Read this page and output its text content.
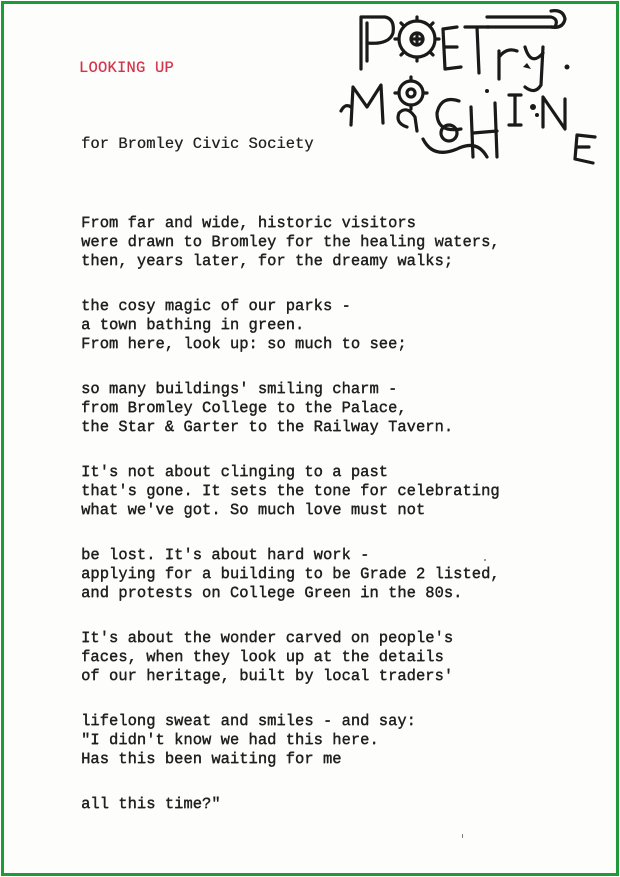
LOOKING UP
for Bromley Civic Society
From far and wide, historic visitors
were drawn to Bromley for the healing waters,
then, years later, for the dreamy walks;
the cosy magic of our parks -
a town bathing in green.
From here, look up: so much to see;
so many buildings' smiling charm -
from Bromley College to the Palace,
the Star & Garter to the Railway Tavern.
It's not about clinging to a past
that's gone. It sets the tone for celebrating
what we've got. So much love must not
be lost. It's about hard work -
applying for a building to be Grade 2 listed,
and protests on College Green in the 80s.
It's about the wonder carved on people's
faces, when they look up at the details
of our heritage, built by local traders'
lifelong sweat and smiles - and say:
"I didn't know we had this here.
Has this been waiting for me
all this time?"
